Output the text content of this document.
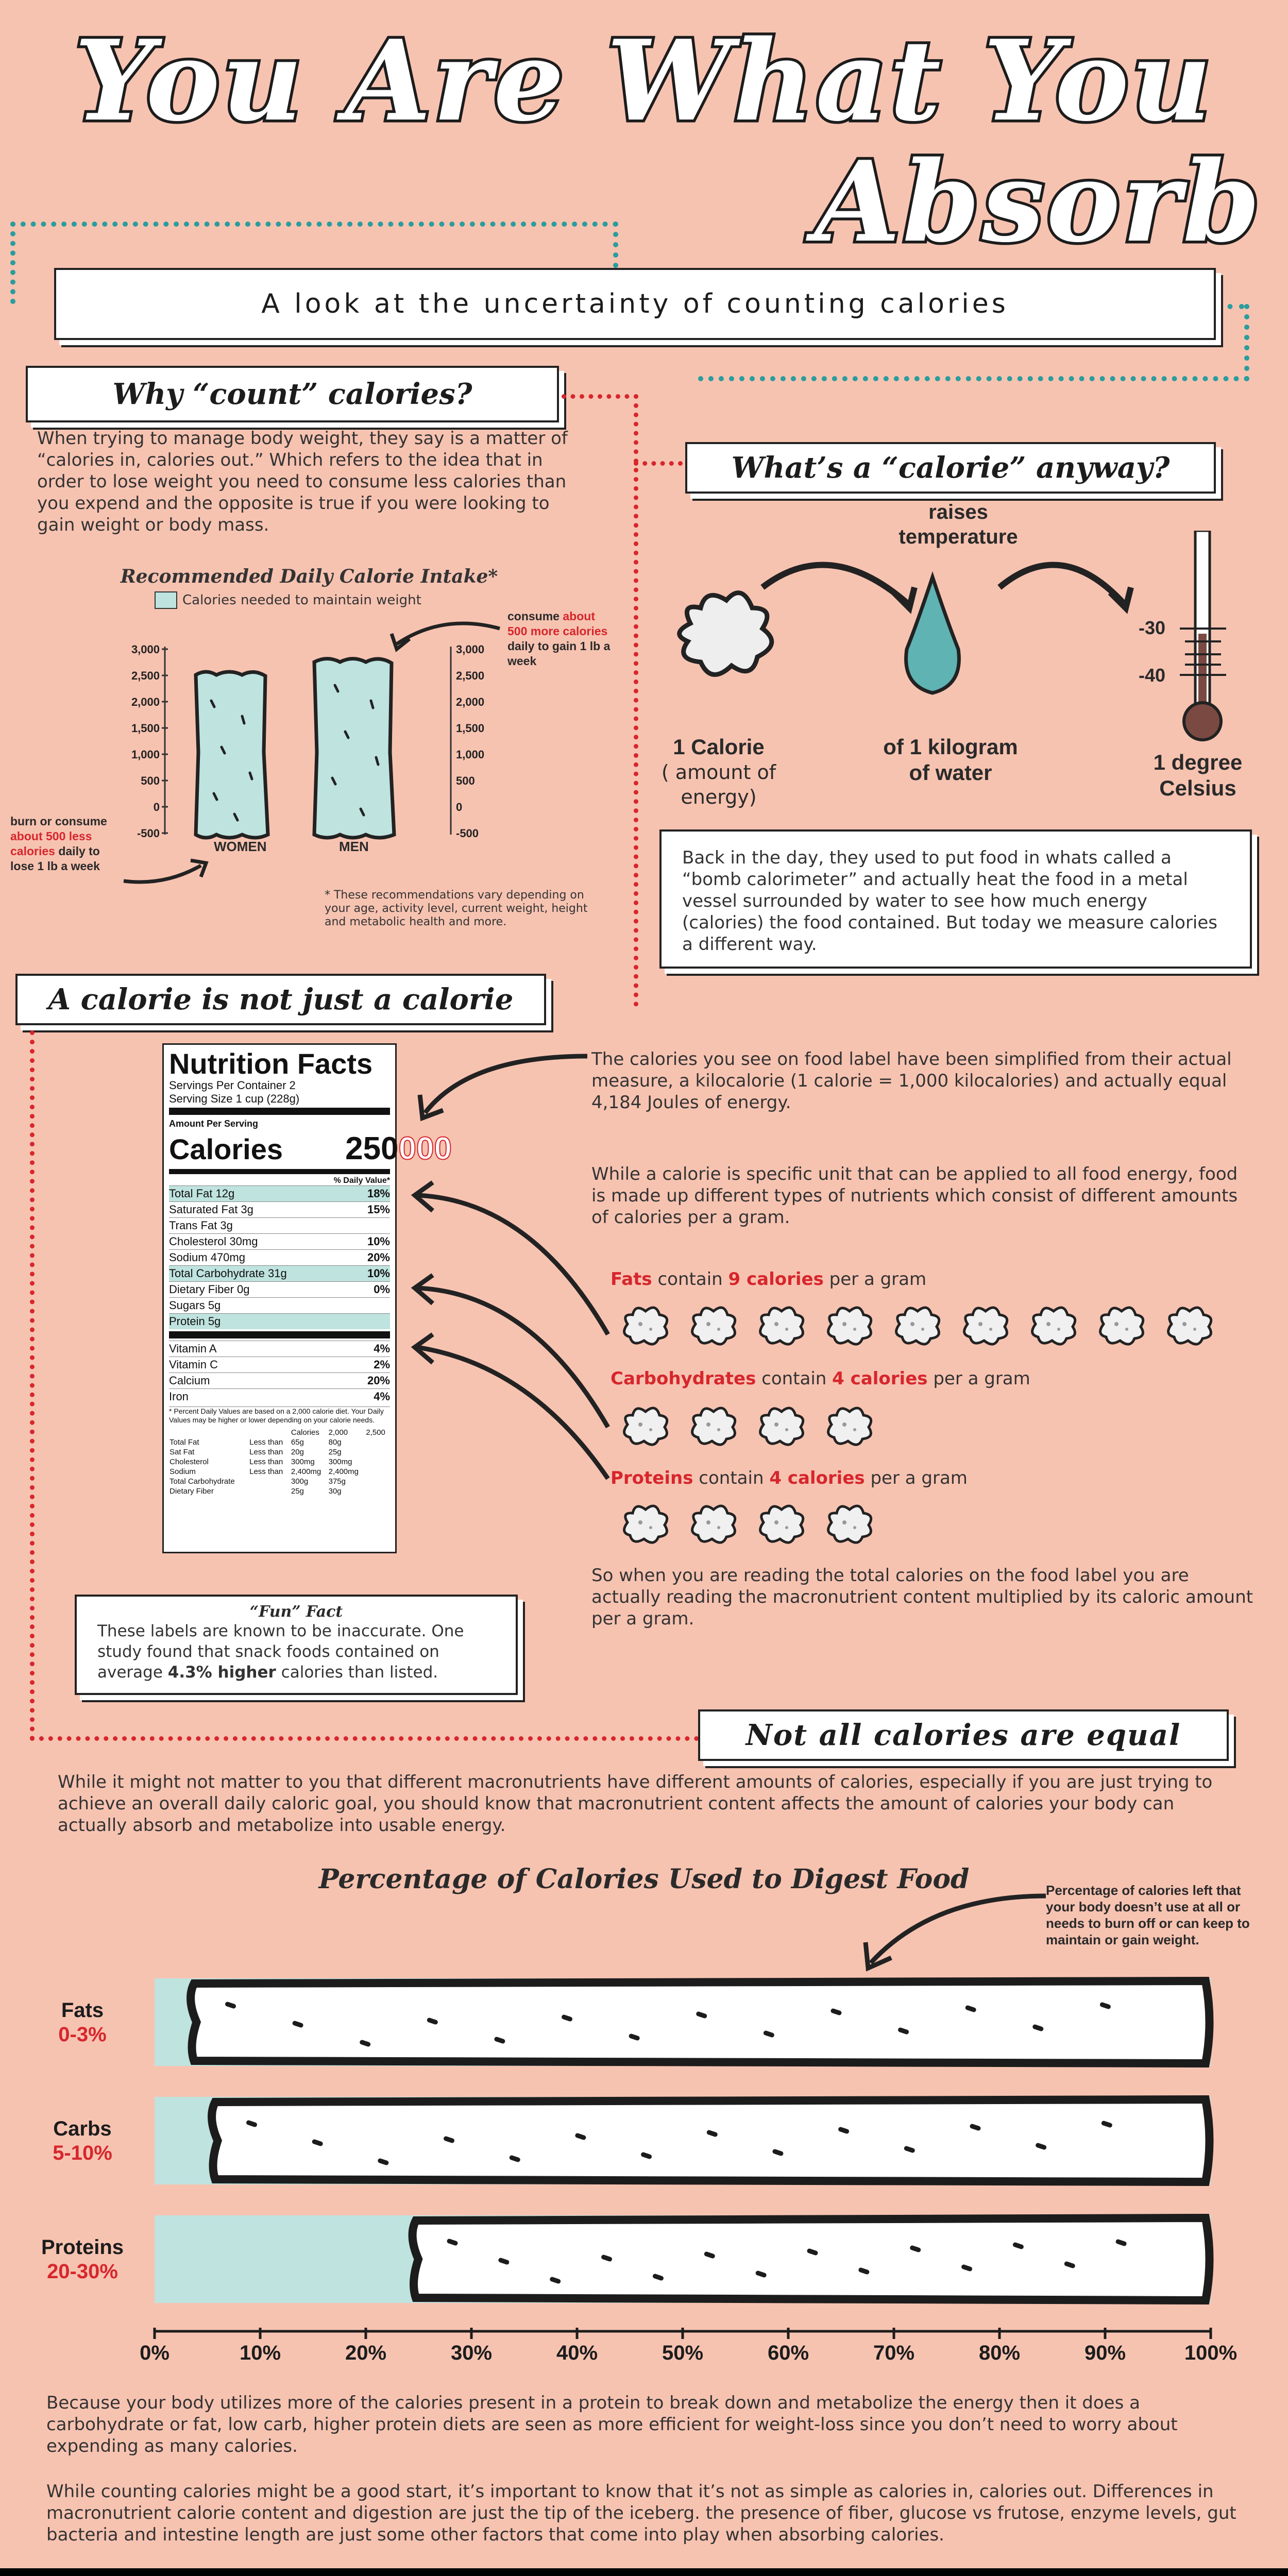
You Are What You
Absorb
A look at the uncertainty of counting calories
Why “count” calories?
When trying to manage body weight, they say is a matter of “calories in, calories out.” Which refers to the idea that in order to lose weight you need to consume less calories than you expend and the opposite is true if you were looking to gain weight or body mass.
Recommended Daily Calorie Intake*
Calories needed to maintain weight
3,000	3,000
2,500	2,500
2,000	2,000
1,500	1,500
1,000	1,000
500	500
0	0
-500	-500
WOMEN	MEN
consume about 500 more calories daily to gain 1 lb a week
burn or consume about 500 less calories daily to lose 1 lb a week
* These recommendations vary depending on your age, activity level, current weight, height and metabolic health and more.
What’s a “calorie” anyway?
raises temperature
-30
-40
1 Calorie
( amount of energy)
of 1 kilogram of water	1 degree Celsius
Back in the day, they used to put food in whats called a “bomb calorimeter” and actually heat the food in a metal vessel surrounded by water to see how much energy (calories) the food contained. But today we measure calories a different way.
A calorie is not just a calorie
Nutrition Facts
Servings Per Container 2
Serving Size 1 cup (228g)
Amount Per Serving
Calories 250000
% Daily Value*
Total Fat 12g	18%
Saturated Fat 3g	15%
Trans Fat 3g
Cholesterol 30mg	10%
Sodium 470mg	20%
Total Carbohydrate 31g	10%
Dietary Fiber 0g	0%
Sugars 5g
Protein 5g
Vitamin A	4%
Vitamin C	2%
Calcium	20%
Iron	4%
* Percent Daily Values are based on a 2,000 calorie diet. Your Daily Values may be higher or lower depending on your calorie needs.
		Calories	2,000	2,500
Total Fat	Less than	65g	80g	
Sat Fat	Less than	20g	25g	
Cholesterol	Less than	300mg	300mg	
Sodium	Less than	2,400mg	2,400mg	
Total Carbohydrate		300g	375g	
Dietary Fiber		25g	30g	
The calories you see on food label have been simplified from their actual measure, a kilocalorie (1 calorie = 1,000 kilocalories) and actually equal 4,184 Joules of energy.
While a calorie is specific unit that can be applied to all food energy, food is made up different types of nutrients which consist of different amounts of calories per a gram.
Fats contain 9 calories per a gram
Carbohydrates contain 4 calories per a gram
Proteins contain 4 calories per a gram
So when you are reading the total calories on the food label you are actually reading the macronutrient content multiplied by its caloric amount per a gram.
“Fun” Fact
These labels are known to be inaccurate. One study found that snack foods contained on average 4.3% higher calories than listed.
Not all calories are equal
While it might not matter to you that different macronutrients have different amounts of calories, especially if you are just trying to achieve an overall daily caloric goal, you should know that macronutrient content affects the amount of calories your body can actually absorb and metabolize into usable energy.
Percentage of Calories Used to Digest Food	Percentage of calories left that your body doesn’t use at all or needs to burn off or can keep to maintain or gain weight.
Fats
0-3%
Carbs
5-10%
Proteins
20-30%
0%	10%	20%	30%	40%	50%	60%	70%	80%	90%	100%
Because your body utilizes more of the calories present in a protein to break down and metabolize the energy then it does a carbohydrate or fat, low carb, higher protein diets are seen as more efficient for weight-loss since you don’t need to worry about expending as many calories.
While counting calories might be a good start, it’s important to know that it’s not as simple as calories in, calories out. Differences in macronutrient calorie content and digestion are just the tip of the iceberg. the presence of fiber, glucose vs frutose, enzyme levels, gut bacteria and intestine length are just some other factors that come into play when absorbing calories.
